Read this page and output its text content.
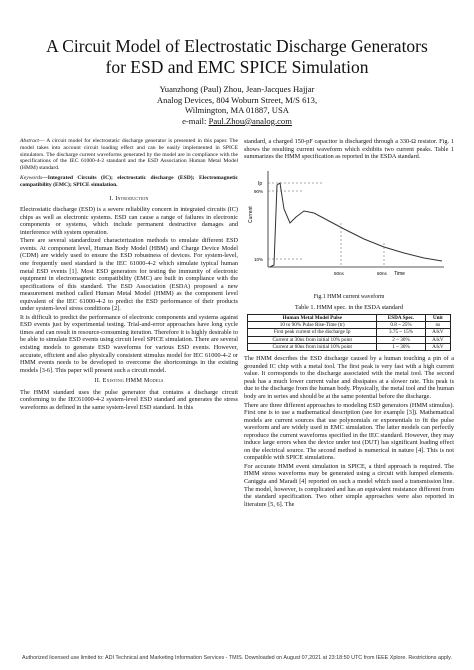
A Circuit Model of Electrostatic Discharge Generators
for ESD and EMC SPICE Simulation
Yuanzhong (Paul) Zhou, Jean-Jacques Hajjar
Analog Devices, 804 Woburn Street, M/S 613,
Wilmington, MA 01887, USA
e-mail: Paul.Zhou@analog.com

Abstract— A circuit model for electrostatic discharge generator is presented in this paper. The model takes into account circuit loading effect and can be easily implemented in SPICE simulators. The discharge current waveforms generated by the model are in compliance with the specifications of the IEC 61000-4-2 standard and the ESD Association Human Metal Model (HMM) standard.

Keywords—Integrated Circuits (IC); electrostatic discharge (ESD); Electromagnetic compatibility (EMC); SPICE simulation.

I. Introduction

Electrostatic discharge (ESD) is a severe reliability concern in integrated circuits (IC) chips as well as electronic systems. ESD can cause a range of failures in electronic components or systems, which include permanent destructive damages and interference with system operation.

There are several standardized characterization methods to emulate different ESD events. At component level, Human Body Model (HBM) and Charge Device Model (CDM) are widely used to ensure the ESD robustness of devices. For system-level, one frequently used standard is the IEC 61000-4-2 which simulate typical human metal ESD events [1]. Most ESD generators for testing the immunity of electronic equipment in electromagnetic compatibility (EMC) are built in compliance with the specifications of this standard. The ESD Association (ESDA) proposed a new measurement method called Human Metal Model (HMM) as the component level equivalent of the IEC 61000-4-2 to predict the ESD performance of their products under system-level stress conditions [2].

It is difficult to predict the performance of electronic components and systems against ESD events just by experimental testing. Trial-and-error approaches have long cycle times and can result in resource-consuming iteration. Therefore it is highly desirable to be able to simulate ESD events using circuit level SPICE simulation. There are several existing models to generate ESD waveforms for various ESD events. However, accurate, efficient and also physically consistent stimulus model for IEC 61000-4-2 or HMM events needs to be developed to overcome the shortcomings in the existing models [3-6]. This paper will present such a circuit model.

II. Existing HMM Models

The HMM standard uses the pulse generator that contains a discharge circuit conforming to the IEC61000-4-2 system-level ESD standard and generates the stress waveforms as defined in the same system-level ESD standard. In this

standard, a charged 150-pF capacitor is discharged through a 330-Ω resistor. Fig. 1 shows the resulting current waveform which exhibits two current peaks. Table 1 summarizes the HMM specification as reported in the ESDA standard.

Current
Time
Ip
90%
10%
50ns	60ns
Fig.1 HMM current waveform
Table 1. HMM spec. in the ESDA standard
Human Metal Model Pulse	ESDA Spec.	Unit
10 to 90% Pulse Rise-Time (tr)	0.8 ~ 25%	ns
First peak current of the discharge Ip	3.75 ~ 15%	A/kV
Current at 30ns from initial 10% point	2 ~ 30%	A/kV
Current at 60ns from initial 10% point	1 ~ 30%	A/kV

The HMM describes the ESD discharge caused by a human touching a pin of a grounded IC chip with a metal tool. The first peak is very fast with a high current value. It corresponds to the discharge associated with the metal tool. The second peak has a much lower current value and dissipates at a slower rate. This peak is due to the discharge from the human body. Physically, the metal tool and the human body are in series and should be at the same potential before the discharge.

There are three different approaches to modeling ESD generators (HMM stimulus). First one is to use a mathematical description (see for example [3]). Mathematical models are current sources that use polynomials or exponentials to fit the pulse waveform and are widely used in EMC simulation. The latter models can perfectly reproduce the current waveforms specified in the IEC standard. However, they may induce large errors when the device under test (DUT) has significant loading effect on the electrical source. The second method is numerical in nature [4]. This is not compatible with SPICE simulations.

For accurate HMM event simulation in SPICE, a third approach is required. The HMM stress waveforms may be generated using a circuit with lumped elements. Caniggia and Maradi [4] reported on such a model which used a transmission line. The model, however, is complicated and has an equivalent resistance different from the standard specification. Two other simple approaches were also reported in literature [5, 6]. The

Authorized licensed use limited to: ADI Technical and Marketing Information Services - TMIS. Downloaded on August 07,2021 at 23:18:50 UTC from IEEE Xplore. Restrictions apply.
